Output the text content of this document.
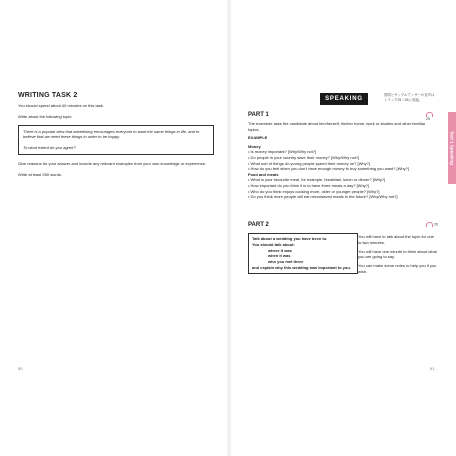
WRITING TASK 2

You should spend about 40 minutes on this task.

Write about the following topic:

There is a popular view that advertising encourages everyone to want the same things in life, and to believe that we need these things in order to be happy.

To what extent do you agree?

Give reasons for your answer and include any relevant examples from your own knowledge or experience.

Write at least 250 words.

90
SPEAKING
質問とサンプルアンサーの音声はトラック25〜26に収録。
Test 1 Speaking
PART 1
25

The examiner asks the candidate about him/herself, his/her home, work or studies and other familiar topics.

EXAMPLE

Money

• Is money important? [Why/Why not?]

• Do people in your country save their money? [Why/Why not?]

• What sort of things do young people spend their money on? [Why?]

• How do you feel when you don't have enough money to buy something you want? [Why?]

Food and meals

• What is your favourite meal, for example, breakfast, lunch or dinner? [Why?]

• How important do you think it is to have three meals a day? [Why?]

• Who do you think enjoys cooking more, older or younger people? [Why?]

• Do you think more people will eat microwaved meals in the future? [Why/Why not?]

PART 2	26
Talk about a wedding you have been to.
You should talk about:
where it was
when it was
who you met there
and explain why this wedding was important to you.

You will have to talk about the topic for one to two minutes.

You will have one minute to think about what you are going to say.

You can make some notes to help you if you wish.

91
